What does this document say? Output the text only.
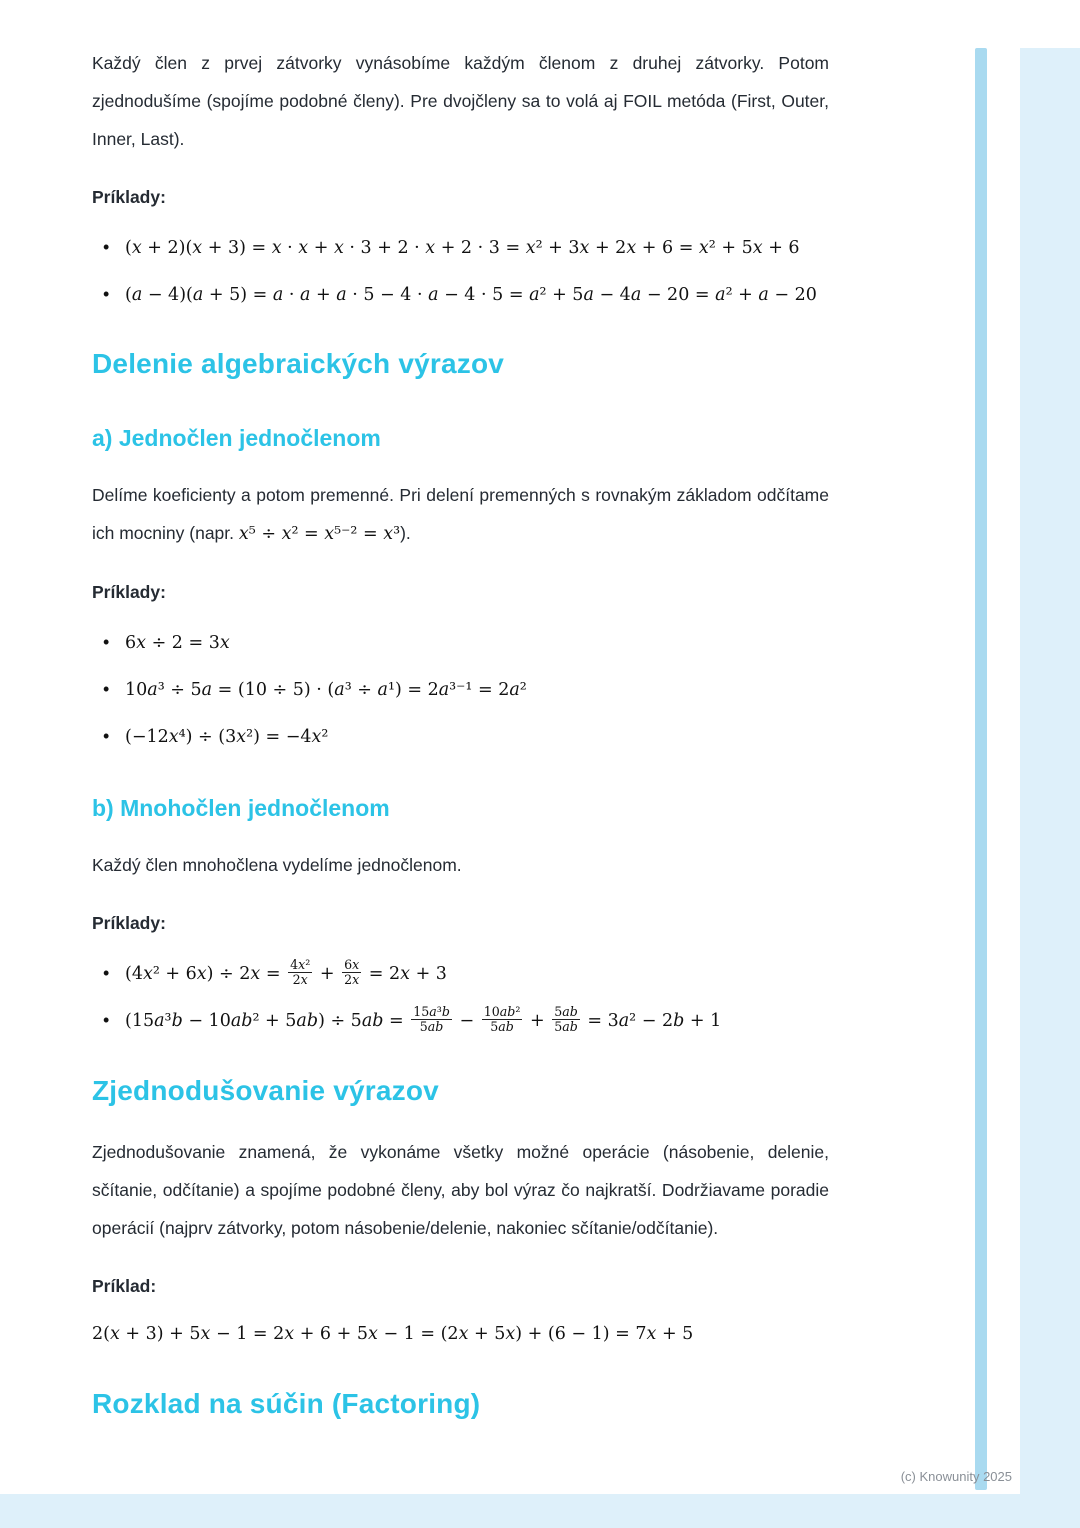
Každý člen z prvej zátvorky vynásobíme každým členom z druhej zátvorky. Potom zjednodušíme (spojíme podobné členy). Pre dvojčleny sa to volá aj FOIL metóda (First, Outer, Inner, Last).

Príklady:

• (x + 2)(x + 3) = x · x + x · 3 + 2 · x + 2 · 3 = x² + 3x + 2x + 6 = x² + 5x + 6
• (a − 4)(a + 5) = a · a + a · 5 − 4 · a − 4 · 5 = a² + 5a − 4a − 20 = a² + a − 20
Delenie algebraických výrazov
a) Jednočlen jednočlenom

Delíme koeficienty a potom premenné. Pri delení premenných s rovnakým základom odčítame ich mocniny (napr. x⁵ ÷ x² = x⁵⁻² = x³).

Príklady:

• 6x ÷ 2 = 3x
• 10a³ ÷ 5a = (10 ÷ 5) · (a³ ÷ a¹) = 2a³⁻¹ = 2a²
• (−12x⁴) ÷ (3x²) = −4x²
b) Mnohočlen jednočlenom

Každý člen mnohočlena vydelíme jednočlenom.

Príklady:

• $(4x^2 + 6x) \div 2x = \frac{\text{4x²}}{2x} + \frac{6x}{2x} = 2x + 3$
• $(15a^3b - 10ab^2 + 5ab) \div 5ab = \frac{\text{15a³b}}{5ab} - \frac{\text{10ab²}}{5ab} + \frac{5ab}{5ab} = 3a^2 - 2b + 1$
Zjednodušovanie výrazov

Zjednodušovanie znamená, že vykonáme všetky možné operácie (násobenie, delenie, sčítanie, odčítanie) a spojíme podobné členy, aby bol výraz čo najkratší. Dodržiavame poradie operácií (najprv zátvorky, potom násobenie/delenie, nakoniec sčítanie/odčítanie).

Príklad:

2(x + 3) + 5x − 1 = 2x + 6 + 5x − 1 = (2x + 5x) + (6 − 1) = 7x + 5

Rozklad na súčin (Factoring)
(c) Knowunity 2025
